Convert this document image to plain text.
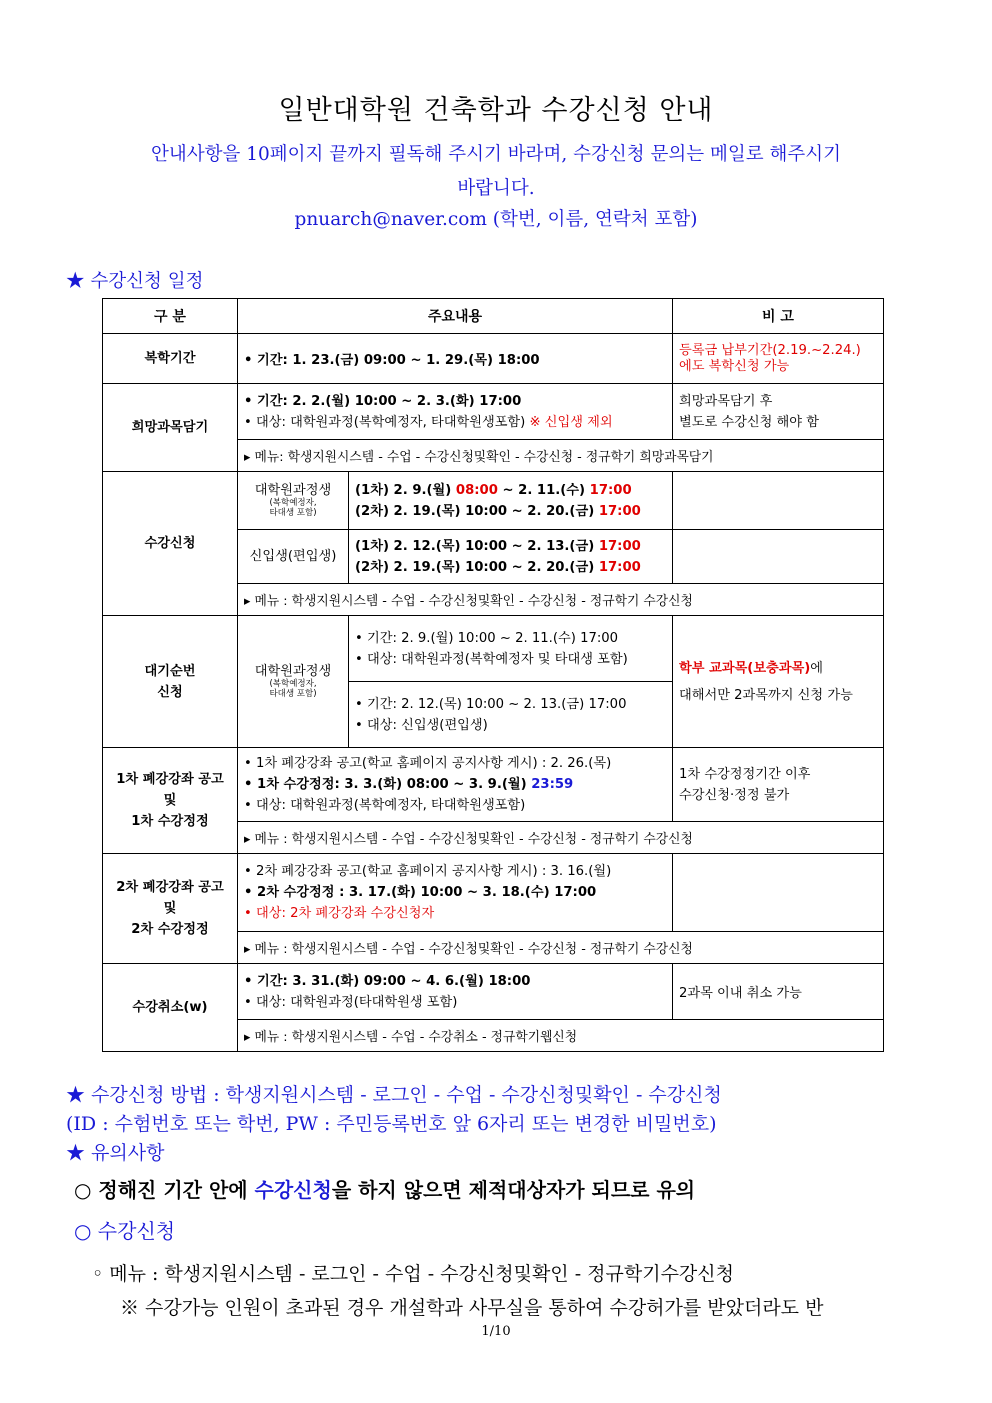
일반대학원 건축학과 수강신청 안내
안내사항을 10페이지 끝까지 필독해 주시기 바라며, 수강신청 문의는 메일로 해주시기
바랍니다.
pnuarch@naver.com (학번, 이름, 연락처 포함)
★ 수강신청 일정
구 분	주요내용		비 고
복학기간	• 기간: 1. 23.(금) 09:00 ~ 1. 29.(목) 18:00		등록금 납부기간(2.19.~2.24.)
에도 복학신청 가능

희망과목담기	• 기간: 2. 2.(월) 10:00 ~ 2. 3.(화) 17:00
• 대상: 대학원과정(복학예정자, 타대학원생포함) ※ 신입생 제외		희망과목담기 후
별도로 수강신청 해야 함

	▸ 메뉴: 학생지원시스템 - 수업 - 수강신청및확인 - 수강신청 - 정규학기 희망과목담기		
수강신청	대학원과정생
(복학예정자,
타대생 포함)	(1차) 2. 9.(월) 08:00 ~ 2. 11.(수) 17:00
(2차) 2. 19.(목) 10:00 ~ 2. 20.(금) 17:00	

	신입생(편입생)	(1차) 2. 12.(목) 10:00 ~ 2. 13.(금) 17:00
(2차) 2. 19.(목) 10:00 ~ 2. 20.(금) 17:00	

	▸ 메뉴 : 학생지원시스템 - 수업 - 수강신청및확인 - 수강신청 - 정규학기 수강신청		

대기순번
신청	대학원과정생
(복학예정자,
타대생 포함)	• 기간: 2. 9.(월) 10:00 ~ 2. 11.(수) 17:00
• 대상: 대학원과정(복학예정자 및 타대생 포함)	학부 교과목(보충과목)에
대해서만 2과목까지 신청 가능

		• 기간: 2. 12.(목) 10:00 ~ 2. 13.(금) 17:00
• 대상: 신입생(편입생)	

1차 폐강강좌 공고
및
1차 수강정정	• 1차 폐강강좌 공고(학교 홈페이지 공지사항 게시) : 2. 26.(목)
• 1차 수강정정: 3. 3.(화) 08:00 ~ 3. 9.(월) 23:59
• 대상: 대학원과정(복학예정자, 타대학원생포함)		1차 수강정정기간 이후
수강신청·정정 불가

	▸ 메뉴 : 학생지원시스템 - 수업 - 수강신청및확인 - 수강신청 - 정규학기 수강신청		

2차 폐강강좌 공고
및
2차 수강정정	• 2차 폐강강좌 공고(학교 홈페이지 공지사항 게시) : 3. 16.(월)
• 2차 수강정정 : 3. 17.(화) 10:00 ~ 3. 18.(수) 17:00
• 대상: 2차 폐강강좌 수강신청자		

	▸ 메뉴 : 학생지원시스템 - 수업 - 수강신청및확인 - 수강신청 - 정규학기 수강신청		
수강취소(w)	• 기간: 3. 31.(화) 09:00 ~ 4. 6.(월) 18:00
• 대상: 대학원과정(타대학원생 포함)		2과목 이내 취소 가능
	▸ 메뉴 : 학생지원시스템 - 수업 - 수강취소 - 정규학기웹신청		
★ 수강신청 방법 : 학생지원시스템 - 로그인 - 수업 - 수강신청및확인 - 수강신청
(ID : 수험번호 또는 학번, PW : 주민등록번호 앞 6자리 또는 변경한 비밀번호)
★ 유의사항
○ 정해진 기간 안에 수강신청을 하지 않으면 제적대상자가 되므로 유의
○ 수강신청
◦ 메뉴 : 학생지원시스템 - 로그인 - 수업 - 수강신청및확인 - 정규학기수강신청
※ 수강가능 인원이 초과된 경우 개설학과 사무실을 통하여 수강허가를 받았더라도 반
1/10
